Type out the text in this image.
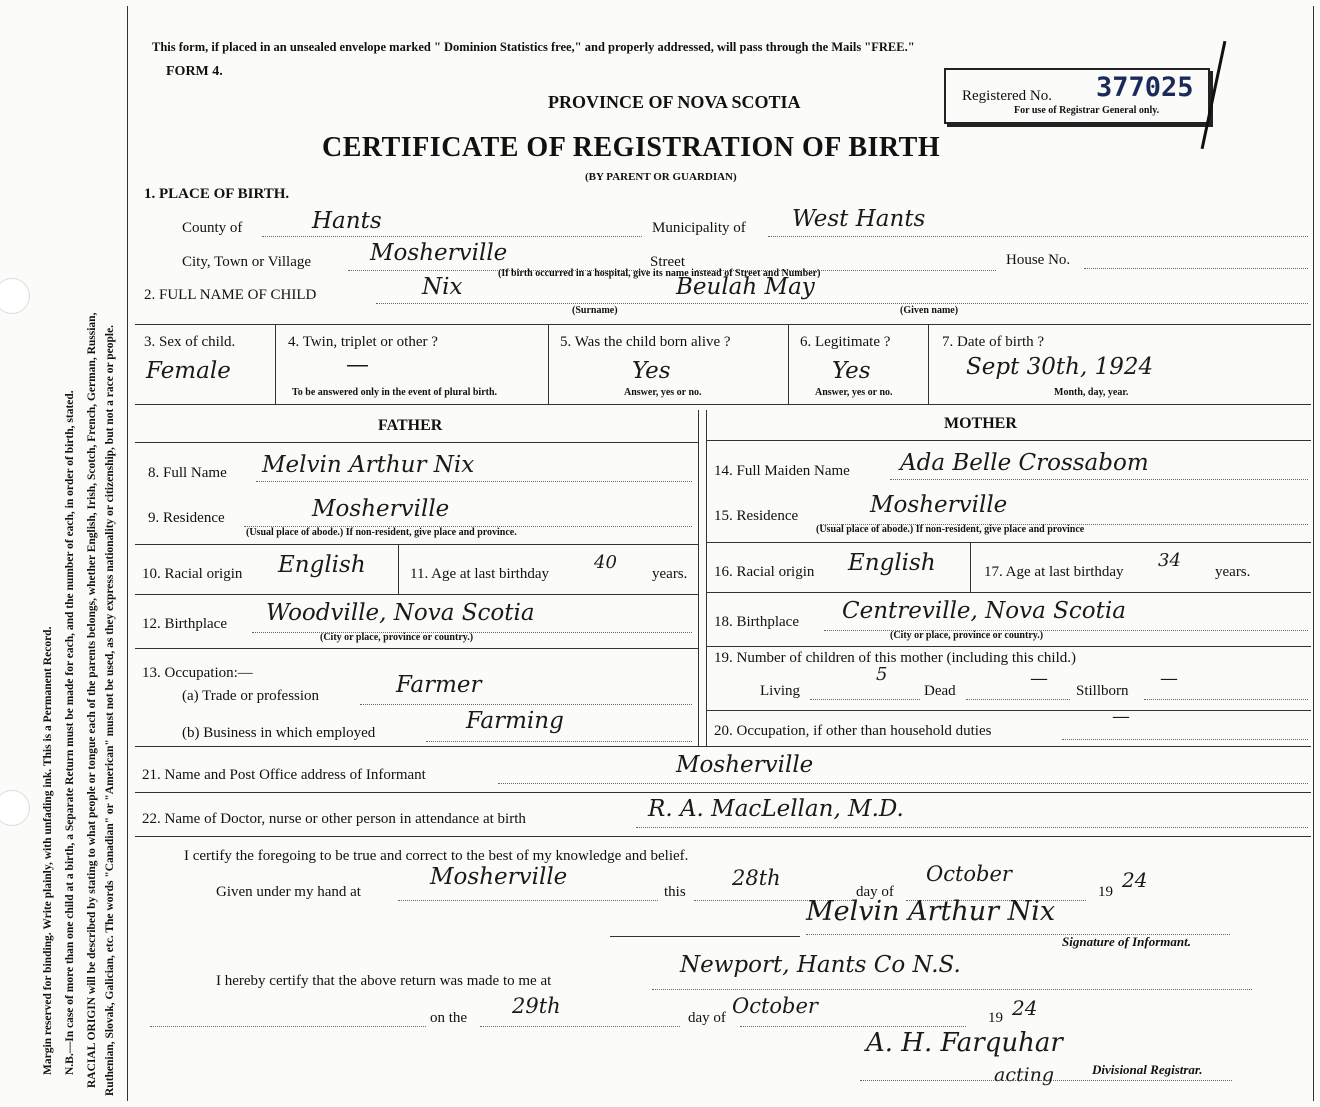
Margin reserved for binding. Write plainly, with unfading ink. This is a Permanent Record. N.B.—In case of more than one child at a birth, a Separate Return must be made for each, and the number of each, in order of birth, stated. RACIAL ORIGIN will be described by stating to what people or tongue each of the parents belongs, whether English, Irish, Scotch, French, German, Russian, Ruthenian, Slovak, Galician, etc. The words "Canadian" or "American" must not be used, as they express nationality or citizenship, but not a race or people.
This form, if placed in an unsealed envelope marked " Dominion Statistics free," and properly addressed, will pass through the Mails "FREE."
FORM 4.
PROVINCE OF NOVA SCOTIA
CERTIFICATE OF REGISTRATION OF BIRTH
(BY PARENT OR GUARDIAN)
Registered No. 377025
For use of Registrar General only.
1. PLACE OF BIRTH.
County of	Hants	Municipality of West Hants
City, Town or Village	Mosherville	Street	House No.
(If birth occurred in a hospital, give its name instead of Street and Number)
2. FULL NAME OF CHILD	Nix	Beulah May
(Surname)	(Given name)
3. Sex of child.
Female
4. Twin, triplet or other ?
—
To be answered only in the event of plural birth.
5. Was the child born alive ?
Yes
Answer, yes or no.
6. Legitimate ?
Yes
Answer, yes or no.
7. Date of birth ?
Sept 30th, 1924
Month, day, year.
FATHER	MOTHER
8. Full Name Melvin Arthur Nix
9. Residence	Mosherville
(Usual place of abode.) If non-resident, give place and province.
10. Racial origin English	11. Age at last birthday
40
years.
12. Birthplace Woodville, Nova Scotia
(City or place, province or country.)
13. Occupation:—
(a) Trade or profession	Farmer
(b) Business in which employed	Farming
14. Full Maiden Name Ada Belle Crossabom
15. Residence	Mosherville
(Usual place of abode.) If non-resident, give place and province
16. Racial origin English	17. Age at last birthday
34
years.
18. Birthplace Centreville, Nova Scotia
(City or place, province or country.)
19. Number of children of this mother (including this child.)
Living
5
Dead
—
Stillborn
—
20. Occupation, if other than household duties
—
21. Name and Post Office address of Informant	Mosherville
22. Name of Doctor, nurse or other person in attendance at birth	R. A. MacLellan, M.D.
I certify the foregoing to be true and correct to the best of my knowledge and belief.
Given under my hand at
Mosherville
this
28th
day of
October
19 24
Melvin Arthur Nix
Signature of Informant.
I hereby certify that the above return was made to me at
Newport, Hants Co N.S.
on the 29th	day of October	19 24
A. H. Farquhar
acting	Divisional Registrar.
